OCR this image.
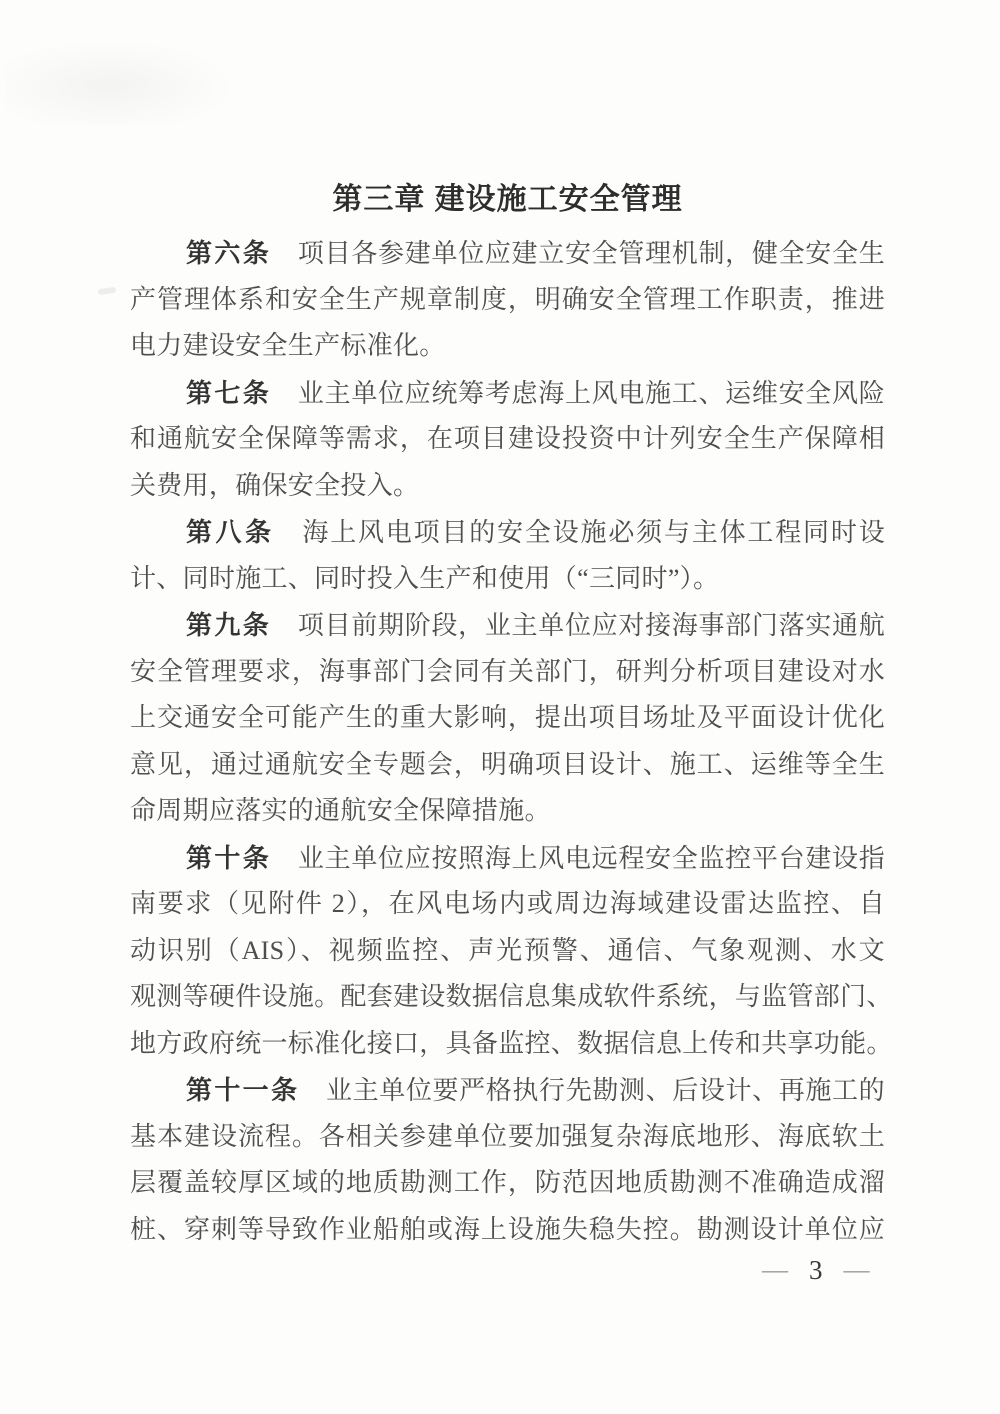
第三章 建设施工安全管理
第六条　项目各参建单位应建立安全管理机制，健全安全生
产管理体系和安全生产规章制度，明确安全管理工作职责，推进
电力建设安全生产标准化。
第七条　业主单位应统筹考虑海上风电施工、运维安全风险
和通航安全保障等需求，在项目建设投资中计列安全生产保障相
关费用，确保安全投入。
第八条　海上风电项目的安全设施必须与主体工程同时设
计、同时施工、同时投入生产和使用（“三同时”）。
第九条　项目前期阶段，业主单位应对接海事部门落实通航
安全管理要求，海事部门会同有关部门，研判分析项目建设对水
上交通安全可能产生的重大影响，提出项目场址及平面设计优化
意见，通过通航安全专题会，明确项目设计、施工、运维等全生
命周期应落实的通航安全保障措施。
第十条　业主单位应按照海上风电远程安全监控平台建设指
南要求（见附件 2），在风电场内或周边海域建设雷达监控、自
动识别（AIS）、视频监控、声光预警、通信、气象观测、水文
观测等硬件设施。配套建设数据信息集成软件系统，与监管部门、
地方政府统一标准化接口，具备监控、数据信息上传和共享功能。
第十一条　业主单位要严格执行先勘测、后设计、再施工的
基本建设流程。各相关参建单位要加强复杂海底地形、海底软土
层覆盖较厚区域的地质勘测工作，防范因地质勘测不准确造成溜
桩、穿刺等导致作业船舶或海上设施失稳失控。勘测设计单位应
— 3 —
